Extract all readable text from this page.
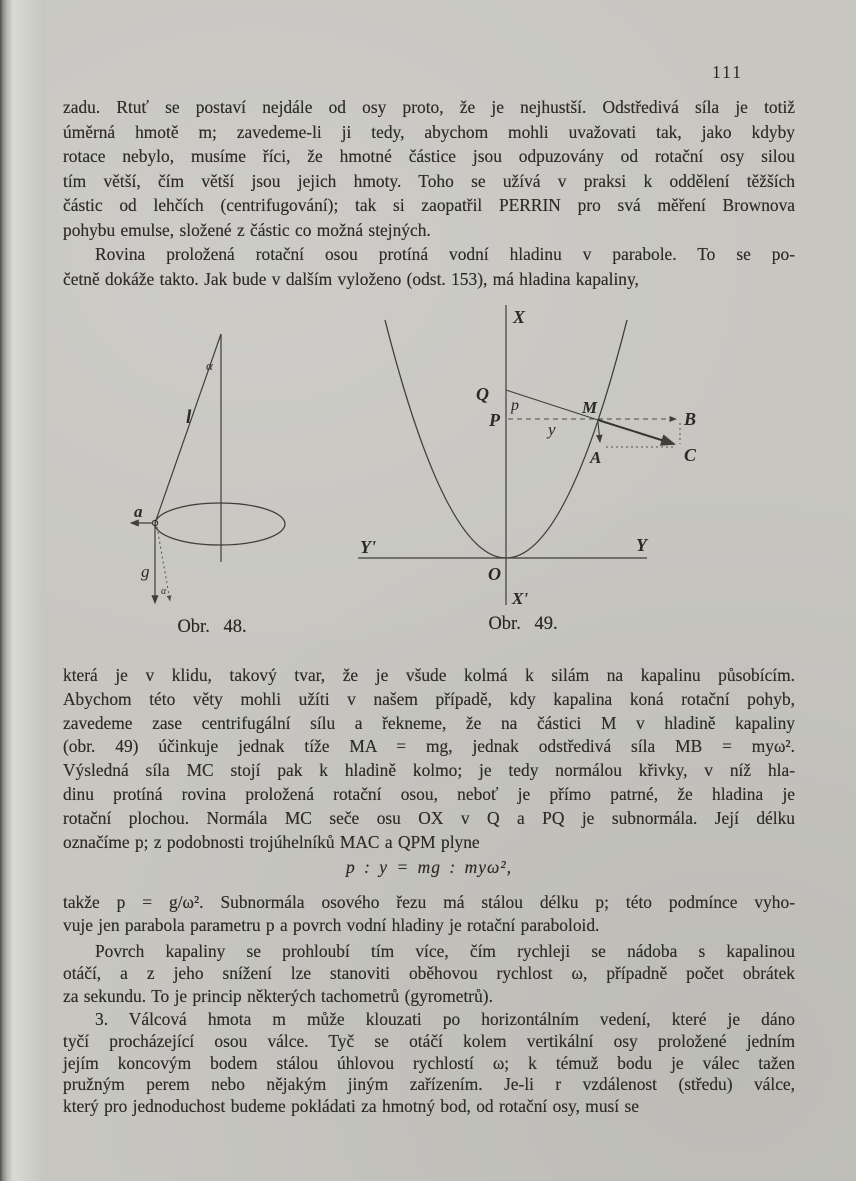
111
zadu. Rtuť se postaví nejdále od osy proto, že je nejhustší. Odstředivá síla je totiž
úměrná hmotě m; zavedeme-li ji tedy, abychom mohli uvažovati tak, jako kdyby
rotace nebylo, musíme říci, že hmotné částice jsou odpuzovány od rotační osy silou
tím větší, čím větší jsou jejich hmoty. Toho se užívá v praksi k oddělení těžších
částic od lehčích (centrifugování); tak si zaopatřil PERRIN pro svá měření Brownova
pohybu emulse, složené z částic co možná stejných.
Rovina proložená rotační osou protíná vodní hladinu v parabole. To se po-
četně dokáže takto. Jak bude v dalším vyloženo (odst. 153), má hladina kapaliny,
α
l
a
g
α
X
Q
p
P	y
M
A
B
C
Y'	Y
O
X'
Obr. 48.	Obr. 49.
která je v klidu, takový tvar, že je všude kolmá k silám na kapalinu působícím.
Abychom této věty mohli užíti v našem případě, kdy kapalina koná rotační pohyb,
zavedeme zase centrifugální sílu a řekneme, že na částici M v hladině kapaliny
(obr. 49) účinkuje jednak tíže MA = mg, jednak odstředivá síla MB = myω².
Výsledná síla MC stojí pak k hladině kolmo; je tedy normálou křivky, v níž hla-
dinu protíná rovina proložená rotační osou, neboť je přímo patrné, že hladina je
rotační plochou. Normála MC seče osu OX v Q a PQ je subnormála. Její délku
označíme p; z podobnosti trojúhelníků MAC a QPM plyne
p : y = mg : myω²,
takže p = g/ω². Subnormála osového řezu má stálou délku p; této podmínce vyho-
vuje jen parabola parametru p a povrch vodní hladiny je rotační paraboloid.
Povrch kapaliny se prohloubí tím více, čím rychleji se nádoba s kapalinou
otáčí, a z jeho snížení lze stanoviti oběhovou rychlost ω, případně počet obrátek
za sekundu. To je princip některých tachometrů (gyrometrů).
3. Válcová hmota m může klouzati po horizontálním vedení, které je dáno
tyčí procházející osou válce. Tyč se otáčí kolem vertikální osy proložené jedním
jejím koncovým bodem stálou úhlovou rychlostí ω; k témuž bodu je válec tažen
pružným perem nebo nějakým jiným zařízením. Je-li r vzdálenost (středu) válce,
který pro jednoduchost budeme pokládati za hmotný bod, od rotační osy, musí se
